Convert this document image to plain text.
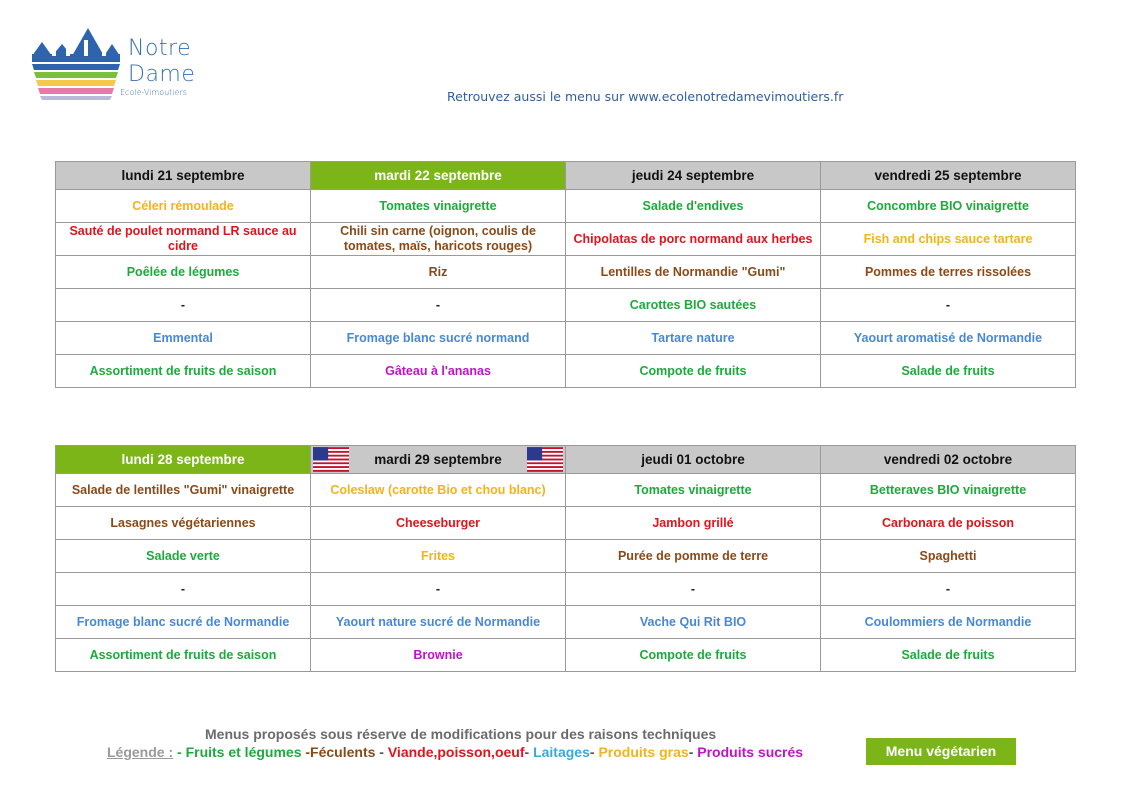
Notre
Dame
Ecole-Vimoutiers	Retrouvez aussi le menu sur www.ecolenotredamevimoutiers.fr
lundi 21 septembre	mardi 22 septembre	jeudi 24 septembre	vendredi 25 septembre
Céleri rémoulade	Tomates vinaigrette	Salade d'endives	Concombre BIO vinaigrette
Sauté de poulet normand LR sauce au cidre	Chili sin carne (oignon, coulis de tomates, maïs, haricots rouges)	Chipolatas de porc normand aux herbes	Fish and chips sauce tartare
Poêlée de légumes	Riz	Lentilles de Normandie "Gumi"	Pommes de terres rissolées
-	-	Carottes BIO sautées	-
Emmental	Fromage blanc sucré normand	Tartare nature	Yaourt aromatisé de Normandie
Assortiment de fruits de saison	Gâteau à l'ananas	Compote de fruits	Salade de fruits
lundi 28 septembre	mardi 29 septembre	jeudi 01 octobre	vendredi 02 octobre
Salade de lentilles "Gumi" vinaigrette	Coleslaw (carotte Bio et chou blanc)	Tomates vinaigrette	Betteraves BIO vinaigrette
Lasagnes végétariennes	Cheeseburger	Jambon grillé	Carbonara de poisson
Salade verte	Frites	Purée de pomme de terre	Spaghetti
-	-	-	-
Fromage blanc sucré de Normandie	Yaourt nature sucré de Normandie	Vache Qui Rit BIO	Coulommiers de Normandie
Assortiment de fruits de saison	Brownie	Compote de fruits	Salade de fruits
Menus proposés sous réserve de modifications pour des raisons techniques
Légende : - Fruits et légumes -Féculents - Viande,poisson,oeuf- Laitages- Produits gras- Produits sucrés	Menu végétarien
